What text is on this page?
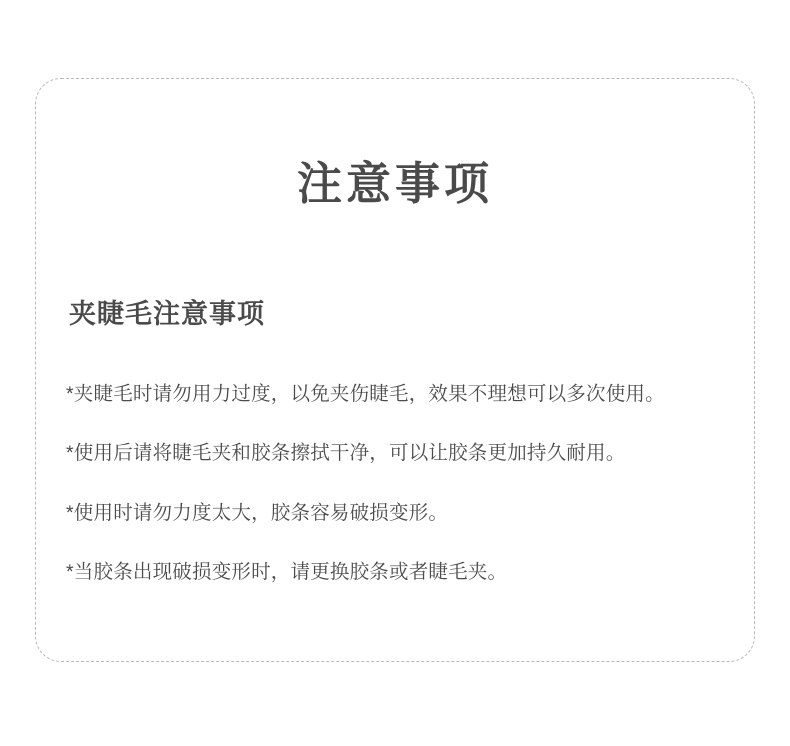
注意事项
夹睫毛注意事项

*夹睫毛时请勿用力过度，以免夹伤睫毛，效果不理想可以多次使用。

*使用后请将睫毛夹和胶条擦拭干净，可以让胶条更加持久耐用。

*使用时请勿力度太大，胶条容易破损变形。

*当胶条出现破损变形时，请更换胶条或者睫毛夹。
